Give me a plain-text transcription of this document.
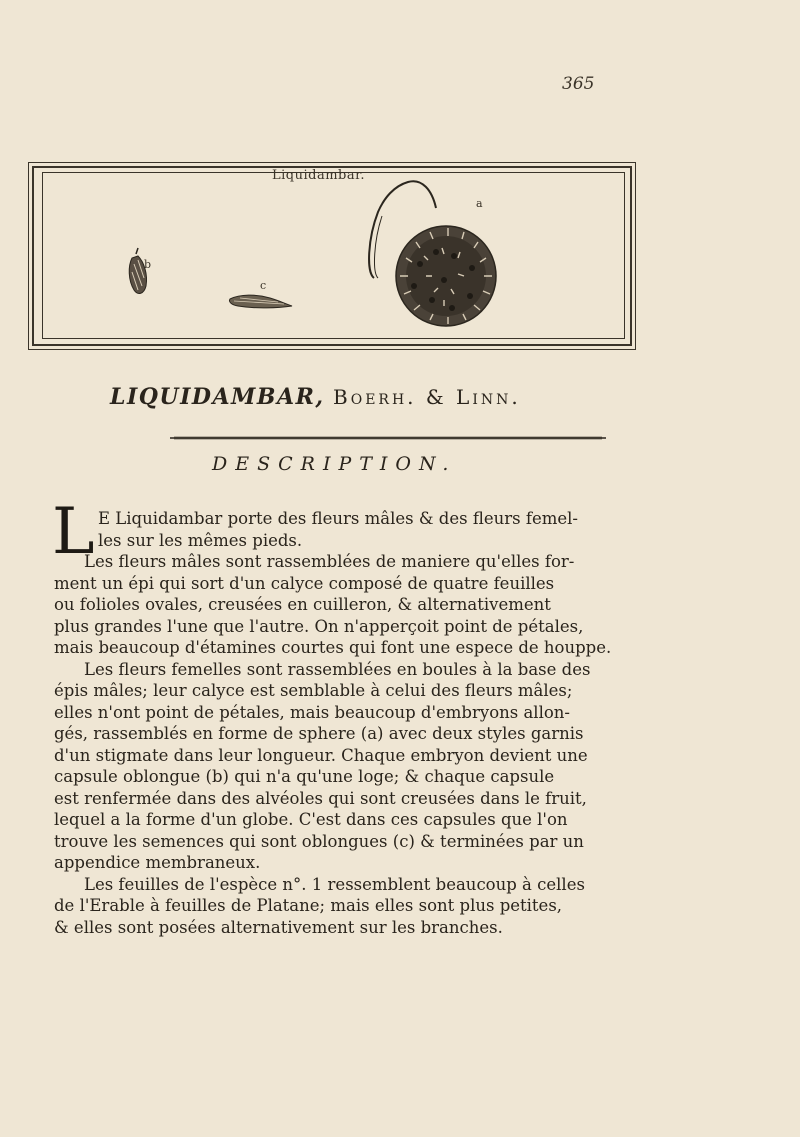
365
Liquidambar.
b
c
a
LIQUIDAMBAR, Boerh. & Linn.
DESCRIPTION.
L E Liquidambar porte des fleurs mâles & des fleurs femel-
les sur les mêmes pieds.
Les fleurs mâles sont rassemblées de maniere qu'elles for-
ment un épi qui sort d'un calyce composé de quatre feuilles
ou folioles ovales, creusées en cuilleron, & alternativement
plus grandes l'une que l'autre. On n'apperçoit point de pétales,
mais beaucoup d'étamines courtes qui font une espece de houppe.
Les fleurs femelles sont rassemblées en boules à la base des
épis mâles; leur calyce est semblable à celui des fleurs mâles;
elles n'ont point de pétales, mais beaucoup d'embryons allon-
gés, rassemblés en forme de sphere (a) avec deux styles garnis
d'un stigmate dans leur longueur. Chaque embryon devient une
capsule oblongue (b) qui n'a qu'une loge; & chaque capsule
est renfermée dans des alvéoles qui sont creusées dans le fruit,
lequel a la forme d'un globe. C'est dans ces capsules que l'on
trouve les semences qui sont oblongues (c) & terminées par un
appendice membraneux.
Les feuilles de l'espèce n°. 1 ressemblent beaucoup à celles
de l'Erable à feuilles de Platane; mais elles sont plus petites,
& elles sont posées alternativement sur les branches.
